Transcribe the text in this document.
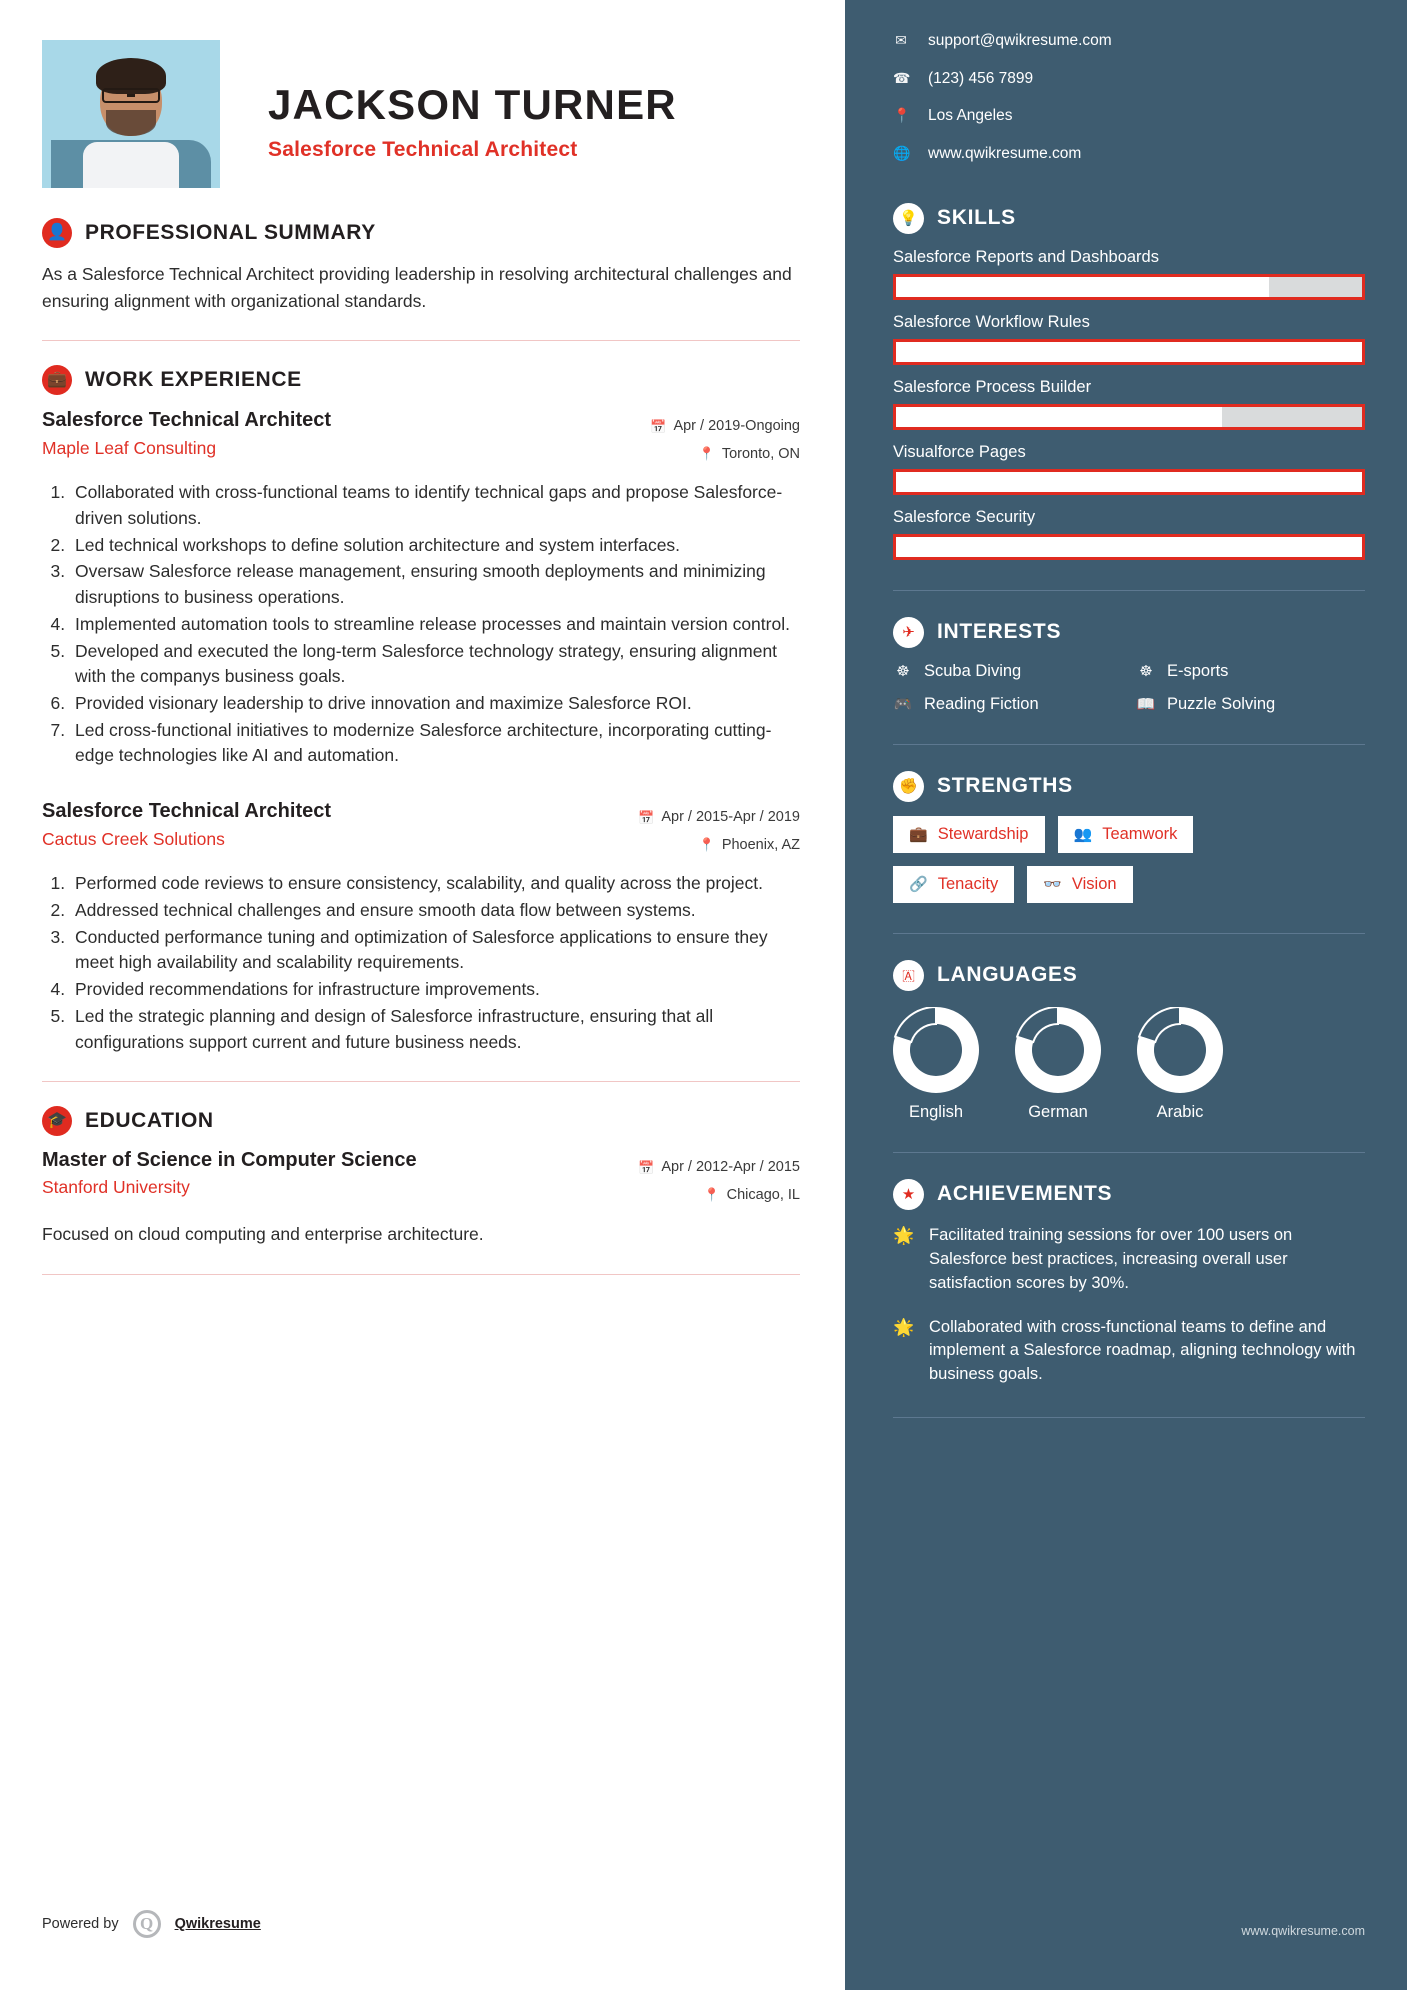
JACKSON TURNER
Salesforce Technical Architect
👤 PROFESSIONAL SUMMARY
As a Salesforce Technical Architect providing leadership in resolving architectural challenges and ensuring alignment with organizational standards.
💼 WORK EXPERIENCE
Salesforce Technical Architect
Maple Leaf Consulting
📅 Apr / 2019-Ongoing
📍 Toronto, ON
1. Collaborated with cross-functional teams to identify technical gaps and propose Salesforce-driven solutions.
2. Led technical workshops to define solution architecture and system interfaces.
3. Oversaw Salesforce release management, ensuring smooth deployments and minimizing disruptions to business operations.
4. Implemented automation tools to streamline release processes and maintain version control.
5. Developed and executed the long-term Salesforce technology strategy, ensuring alignment with the companys business goals.
6. Provided visionary leadership to drive innovation and maximize Salesforce ROI.
7. Led cross-functional initiatives to modernize Salesforce architecture, incorporating cutting-edge technologies like AI and automation.
Salesforce Technical Architect
Cactus Creek Solutions
📅 Apr / 2015-Apr / 2019
📍 Phoenix, AZ
1. Performed code reviews to ensure consistency, scalability, and quality across the project.
2. Addressed technical challenges and ensure smooth data flow between systems.
3. Conducted performance tuning and optimization of Salesforce applications to ensure they meet high availability and scalability requirements.
4. Provided recommendations for infrastructure improvements.
5. Led the strategic planning and design of Salesforce infrastructure, ensuring that all configurations support current and future business needs.
🎓 EDUCATION
Master of Science in Computer Science
Stanford University
📅 Apr / 2012-Apr / 2015
📍 Chicago, IL
Focused on cloud computing and enterprise architecture.
Powered by	Q	Qwikresume
✉ support@qwikresume.com
☎ (123) 456 7899
📍 Los Angeles
🌐 www.qwikresume.com
💡 SKILLS
Salesforce Reports and Dashboards
Salesforce Workflow Rules
Salesforce Process Builder
Visualforce Pages
Salesforce Security
✈	INTERESTS
☸ Scuba Diving	☸ E-sports
🎮 Reading Fiction	📖 Puzzle Solving
✊ STRENGTHS
💼 Stewardship	👥 Teamwork
🔗 Tenacity	👓 Vision
🇦	LANGUAGES
English	German	Arabic
★	ACHIEVEMENTS
🌟 Facilitated training sessions for over 100 users on Salesforce best practices, increasing overall user satisfaction scores by 30%.
🌟 Collaborated with cross-functional teams to define and implement a Salesforce roadmap, aligning technology with business goals.
www.qwikresume.com
